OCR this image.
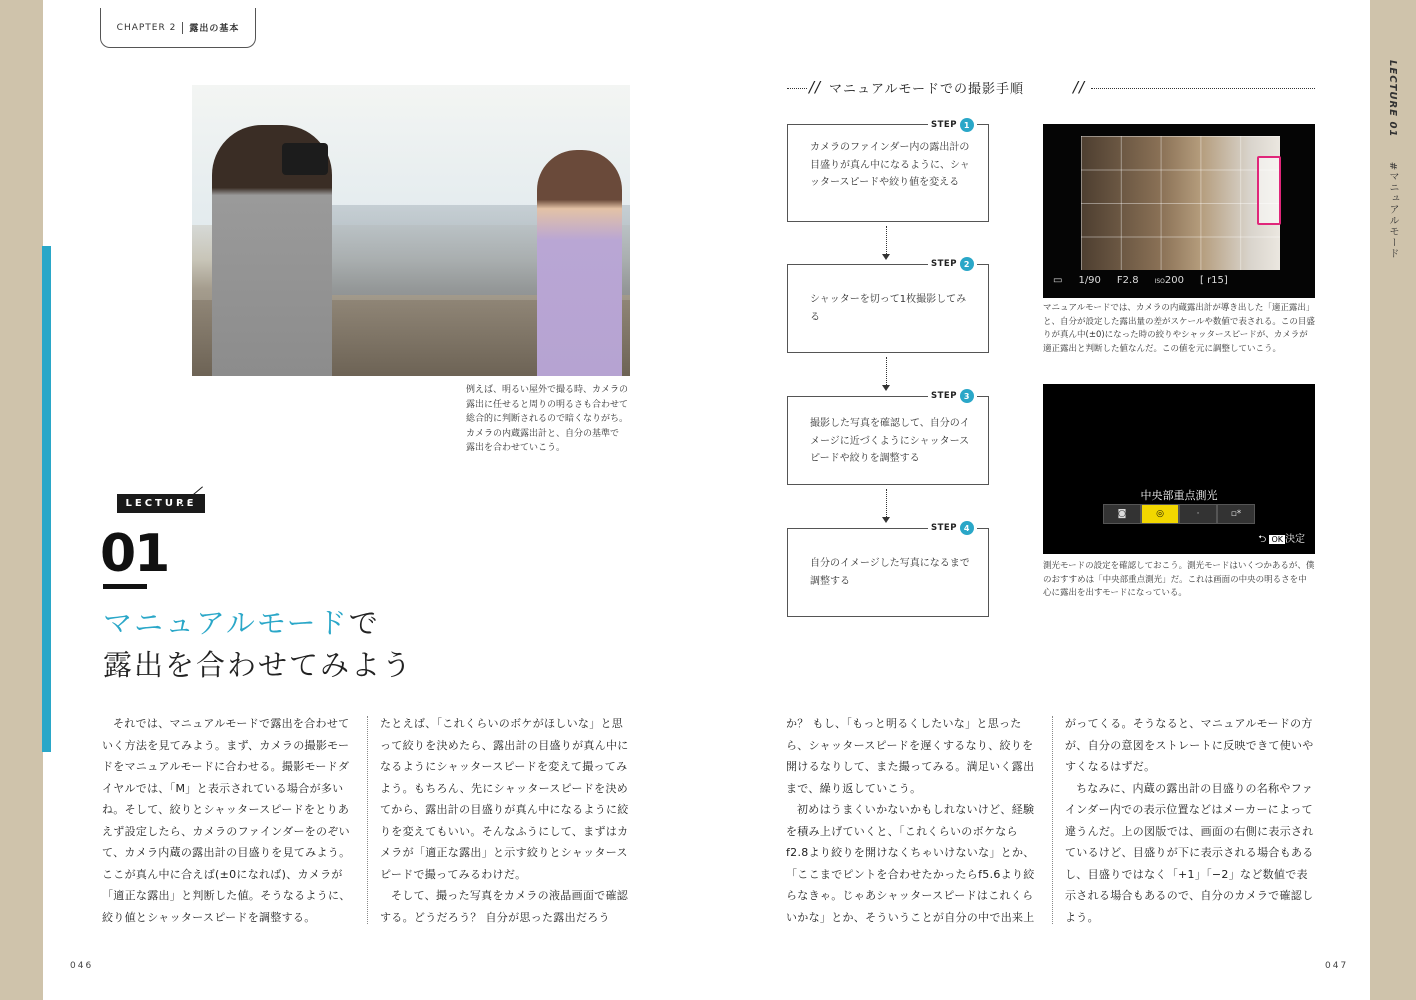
LECTURE 01  #マニュアルモード
CHAPTER 2 露出の基本
例えば、明るい屋外で撮る時、カメラの
露出に任せると周りの明るさも合わせて
総合的に判断されるので暗くなりがち。
カメラの内蔵露出計と、自分の基準で
露出を合わせていこう。
LECTURE
01
マニュアルモードで
露出を合わせてみよう

それでは、マニュアルモードで露出を合わせていく方法を見てみよう。まず、カメラの撮影モードをマニュアルモードに合わせる。撮影モードダイヤルでは、「M」と表示されている場合が多いね。そして、絞りとシャッタースピードをとりあえず設定したら、カメラのファインダーをのぞいて、カメラ内蔵の露出計の目盛りを見てみよう。ここが真ん中に合えば(±0になれば)、カメラが「適正な露出」と判断した値。そうなるように、絞り値とシャッタースピードを調整する。

たとえば、「これくらいのボケがほしいな」と思って絞りを決めたら、露出計の目盛りが真ん中になるようにシャッタースピードを変えて撮ってみよう。もちろん、先にシャッタースピードを決めてから、露出計の目盛りが真ん中になるように絞りを変えてもいい。そんなふうにして、まずはカメラが「適正な露出」と示す絞りとシャッタースピードで撮ってみるわけだ。

そして、撮った写真をカメラの液晶画面で確認する。どうだろう？ 自分が思った露出だろう

か？ もし、「もっと明るくしたいな」と思ったら、シャッタースピードを遅くするなり、絞りを開けるなりして、また撮ってみる。満足いく露出まで、繰り返していこう。

初めはうまくいかないかもしれないけど、経験を積み上げていくと、「これくらいのボケならf2.8より絞りを開けなくちゃいけないな」とか、「ここまでピントを合わせたかったらf5.6より絞らなきゃ。じゃあシャッタースピードはこれくらいかな」とか、そういうことが自分の中で出来上

がってくる。そうなると、マニュアルモードの方が、自分の意図をストレートに反映できて使いやすくなるはずだ。

ちなみに、内蔵の露出計の目盛りの名称やファインダー内での表示位置などはメーカーによって違うんだ。上の図版では、画面の右側に表示されているけど、目盛りが下に表示される場合もあるし、目盛りではなく「+1」「−2」など数値で表示される場合もあるので、自分のカメラで確認しよう。

046	047
// マニュアルモードでの撮影手順	//
カメラのファインダー内の露出計の目盛りが真ん中になるように、シャッタースピードや絞り値を変える
STEP 1
シャッターを切って1枚撮影してみる
STEP 2
撮影した写真を確認して、自分のイメージに近づくようにシャッタースピードや絞りを調整する
STEP 3
自分のイメージした写真になるまで調整する
STEP 4
▭ 1/90 F2.8	ISO200 [ r15]
マニュアルモードでは、カメラの内蔵露出計が導き出した「適正露出」と、自分が設定した露出量の差がスケールや数値で表される。この目盛りが真ん中(±0)になった時の絞りやシャッタースピードが、カメラが適正露出と判断した値なんだ。この値を元に調整していこう。
中央部重点測光
◙	◎	·	▫*
⮌ OK 決定
測光モードの設定を確認しておこう。測光モードはいくつかあるが、僕のおすすめは「中央部重点測光」だ。これは画面の中央の明るさを中心に露出を出すモードになっている。
